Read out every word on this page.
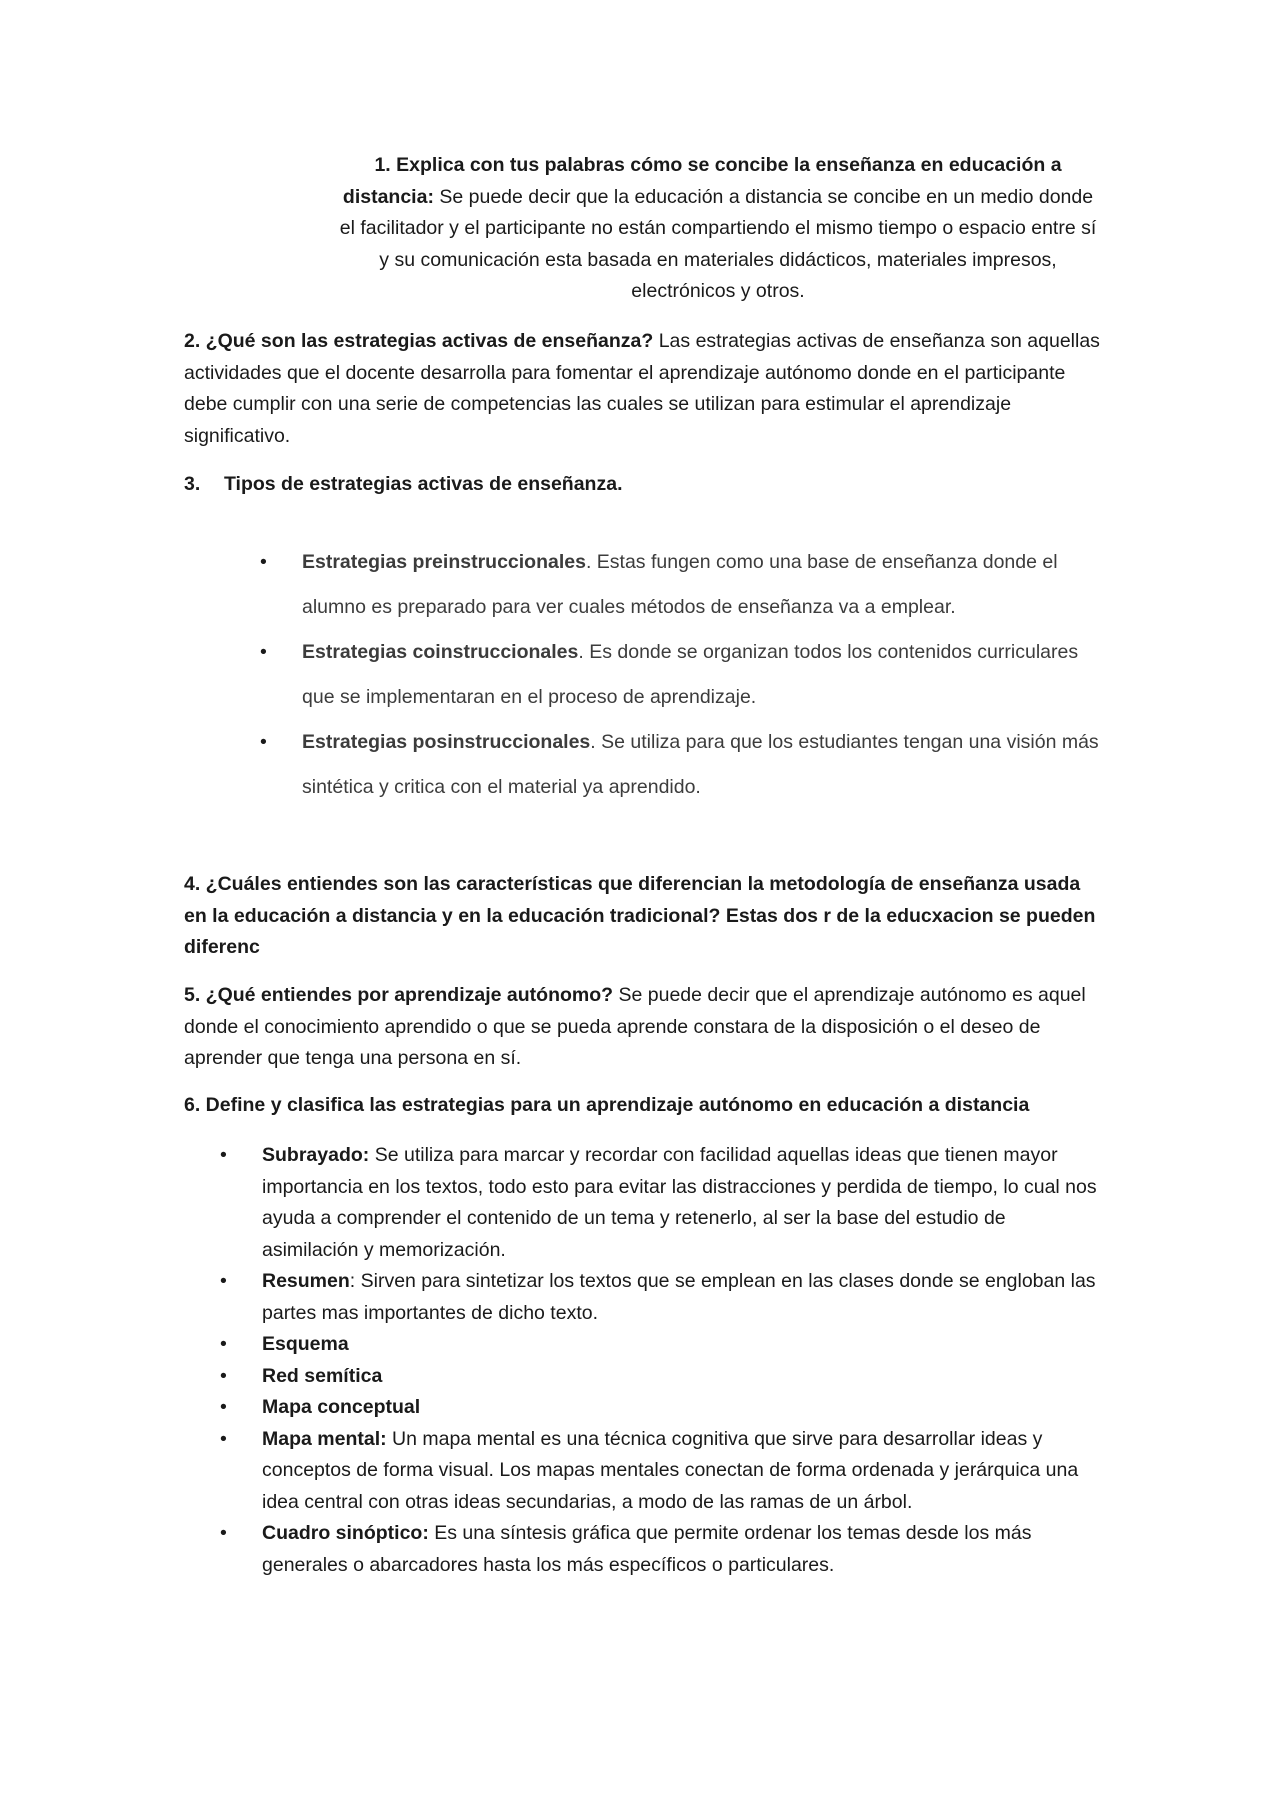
1. Explica con tus palabras cómo se concibe la enseñanza en educación a distancia: Se puede decir que la educación a distancia se concibe en un medio donde el facilitador y el participante no están compartiendo el mismo tiempo o espacio entre sí y su comunicación esta basada en materiales didácticos, materiales impresos, electrónicos y otros.

2. ¿Qué son las estrategias activas de enseñanza? Las estrategias activas de enseñanza son aquellas actividades que el docente desarrolla para fomentar el aprendizaje autónomo donde en el participante debe cumplir con una serie de competencias las cuales se utilizan para estimular el aprendizaje significativo.

3. Tipos de estrategias activas de enseñanza.

• Estrategias preinstruccionales. Estas fungen como una base de enseñanza donde el alumno es preparado para ver cuales métodos de enseñanza va a emplear.
• Estrategias coinstruccionales. Es donde se organizan todos los contenidos curriculares que se implementaran en el proceso de aprendizaje.
• Estrategias posinstruccionales. Se utiliza para que los estudiantes tengan una visión más sintética y critica con el material ya aprendido.

4. ¿Cuáles entiendes son las características que diferencian la metodología de enseñanza usada en la educación a distancia y en la educación tradicional? Estas dos r de la educxacion se pueden diferenc

5. ¿Qué entiendes por aprendizaje autónomo? Se puede decir que el aprendizaje autónomo es aquel donde el conocimiento aprendido o que se pueda aprende constara de la disposición o el deseo de aprender que tenga una persona en sí.

6. Define y clasifica las estrategias para un aprendizaje autónomo en educación a distancia

• Subrayado: Se utiliza para marcar y recordar con facilidad aquellas ideas que tienen mayor importancia en los textos, todo esto para evitar las distracciones y perdida de tiempo, lo cual nos ayuda a comprender el contenido de un tema y retenerlo, al ser la base del estudio de asimilación y memorización.
• Resumen: Sirven para sintetizar los textos que se emplean en las clases donde se engloban las partes mas importantes de dicho texto.
• Esquema
• Red semítica
• Mapa conceptual
• Mapa mental: Un mapa mental es una técnica cognitiva que sirve para desarrollar ideas y conceptos de forma visual. Los mapas mentales conectan de forma ordenada y jerárquica una idea central con otras ideas secundarias, a modo de las ramas de un árbol.
• Cuadro sinóptico: Es una síntesis gráfica que permite ordenar los temas desde los más generales o abarcadores hasta los más específicos o particulares.
